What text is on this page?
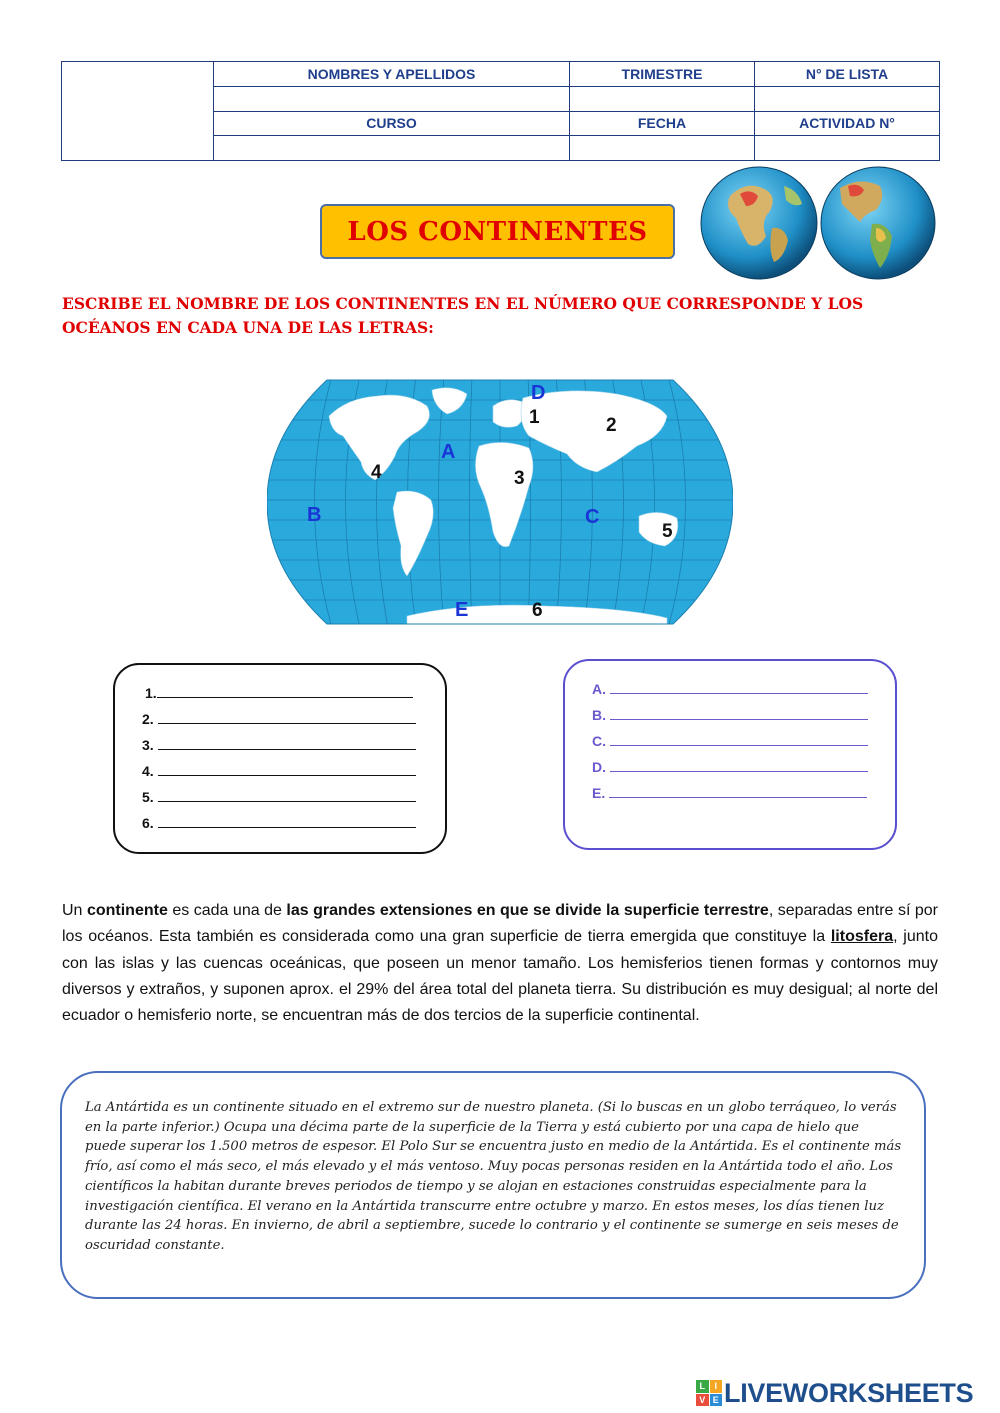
	NOMBRES Y APELLIDOS	TRIMESTRE	N° DE LISTA

	CURSO	FECHA	ACTIVIDAD N°

LOS CONTINENTES
ESCRIBE EL NOMBRE DE LOS CONTINENTES EN EL NÚMERO QUE CORRESPONDE Y LOS OCÉANOS EN CADA UNA DE LAS LETRAS:
A
B	C
D
E
1	2
3
4
5
6
1.
2.
3.
4.
5.
6.
A.
B.
C.
D.
E.
Un continente es cada una de las grandes extensiones en que se divide la superficie terrestre, separadas entre sí por los océanos. Esta también es considerada como una gran superficie de tierra emergida que constituye la litosfera, junto con las islas y las cuencas oceánicas, que poseen un menor tamaño. Los hemisferios tienen formas y contornos muy diversos y extraños, y suponen aprox. el 29% del área total del planeta tierra. Su distribución es muy desigual; al norte del ecuador o hemisferio norte, se encuentran más de dos tercios de la superficie continental.
La Antártida es un continente situado en el extremo sur de nuestro planeta. (Si lo buscas en un globo terráqueo, lo verás en la parte inferior.) Ocupa una décima parte de la superficie de la Tierra y está cubierto por una capa de hielo que puede superar los 1.500 metros de espesor. El Polo Sur se encuentra justo en medio de la Antártida. Es el continente más frío, así como el más seco, el más elevado y el más ventoso. Muy pocas personas residen en la Antártida todo el año. Los científicos la habitan durante breves periodos de tiempo y se alojan en estaciones construidas especialmente para la investigación científica. El verano en la Antártida transcurre entre octubre y marzo. En estos meses, los días tienen luz durante las 24 horas. En invierno, de abril a septiembre, sucede lo contrario y el continente se sumerge en seis meses de oscuridad constante.
L	I
V E LIVEWORKSHEETS
